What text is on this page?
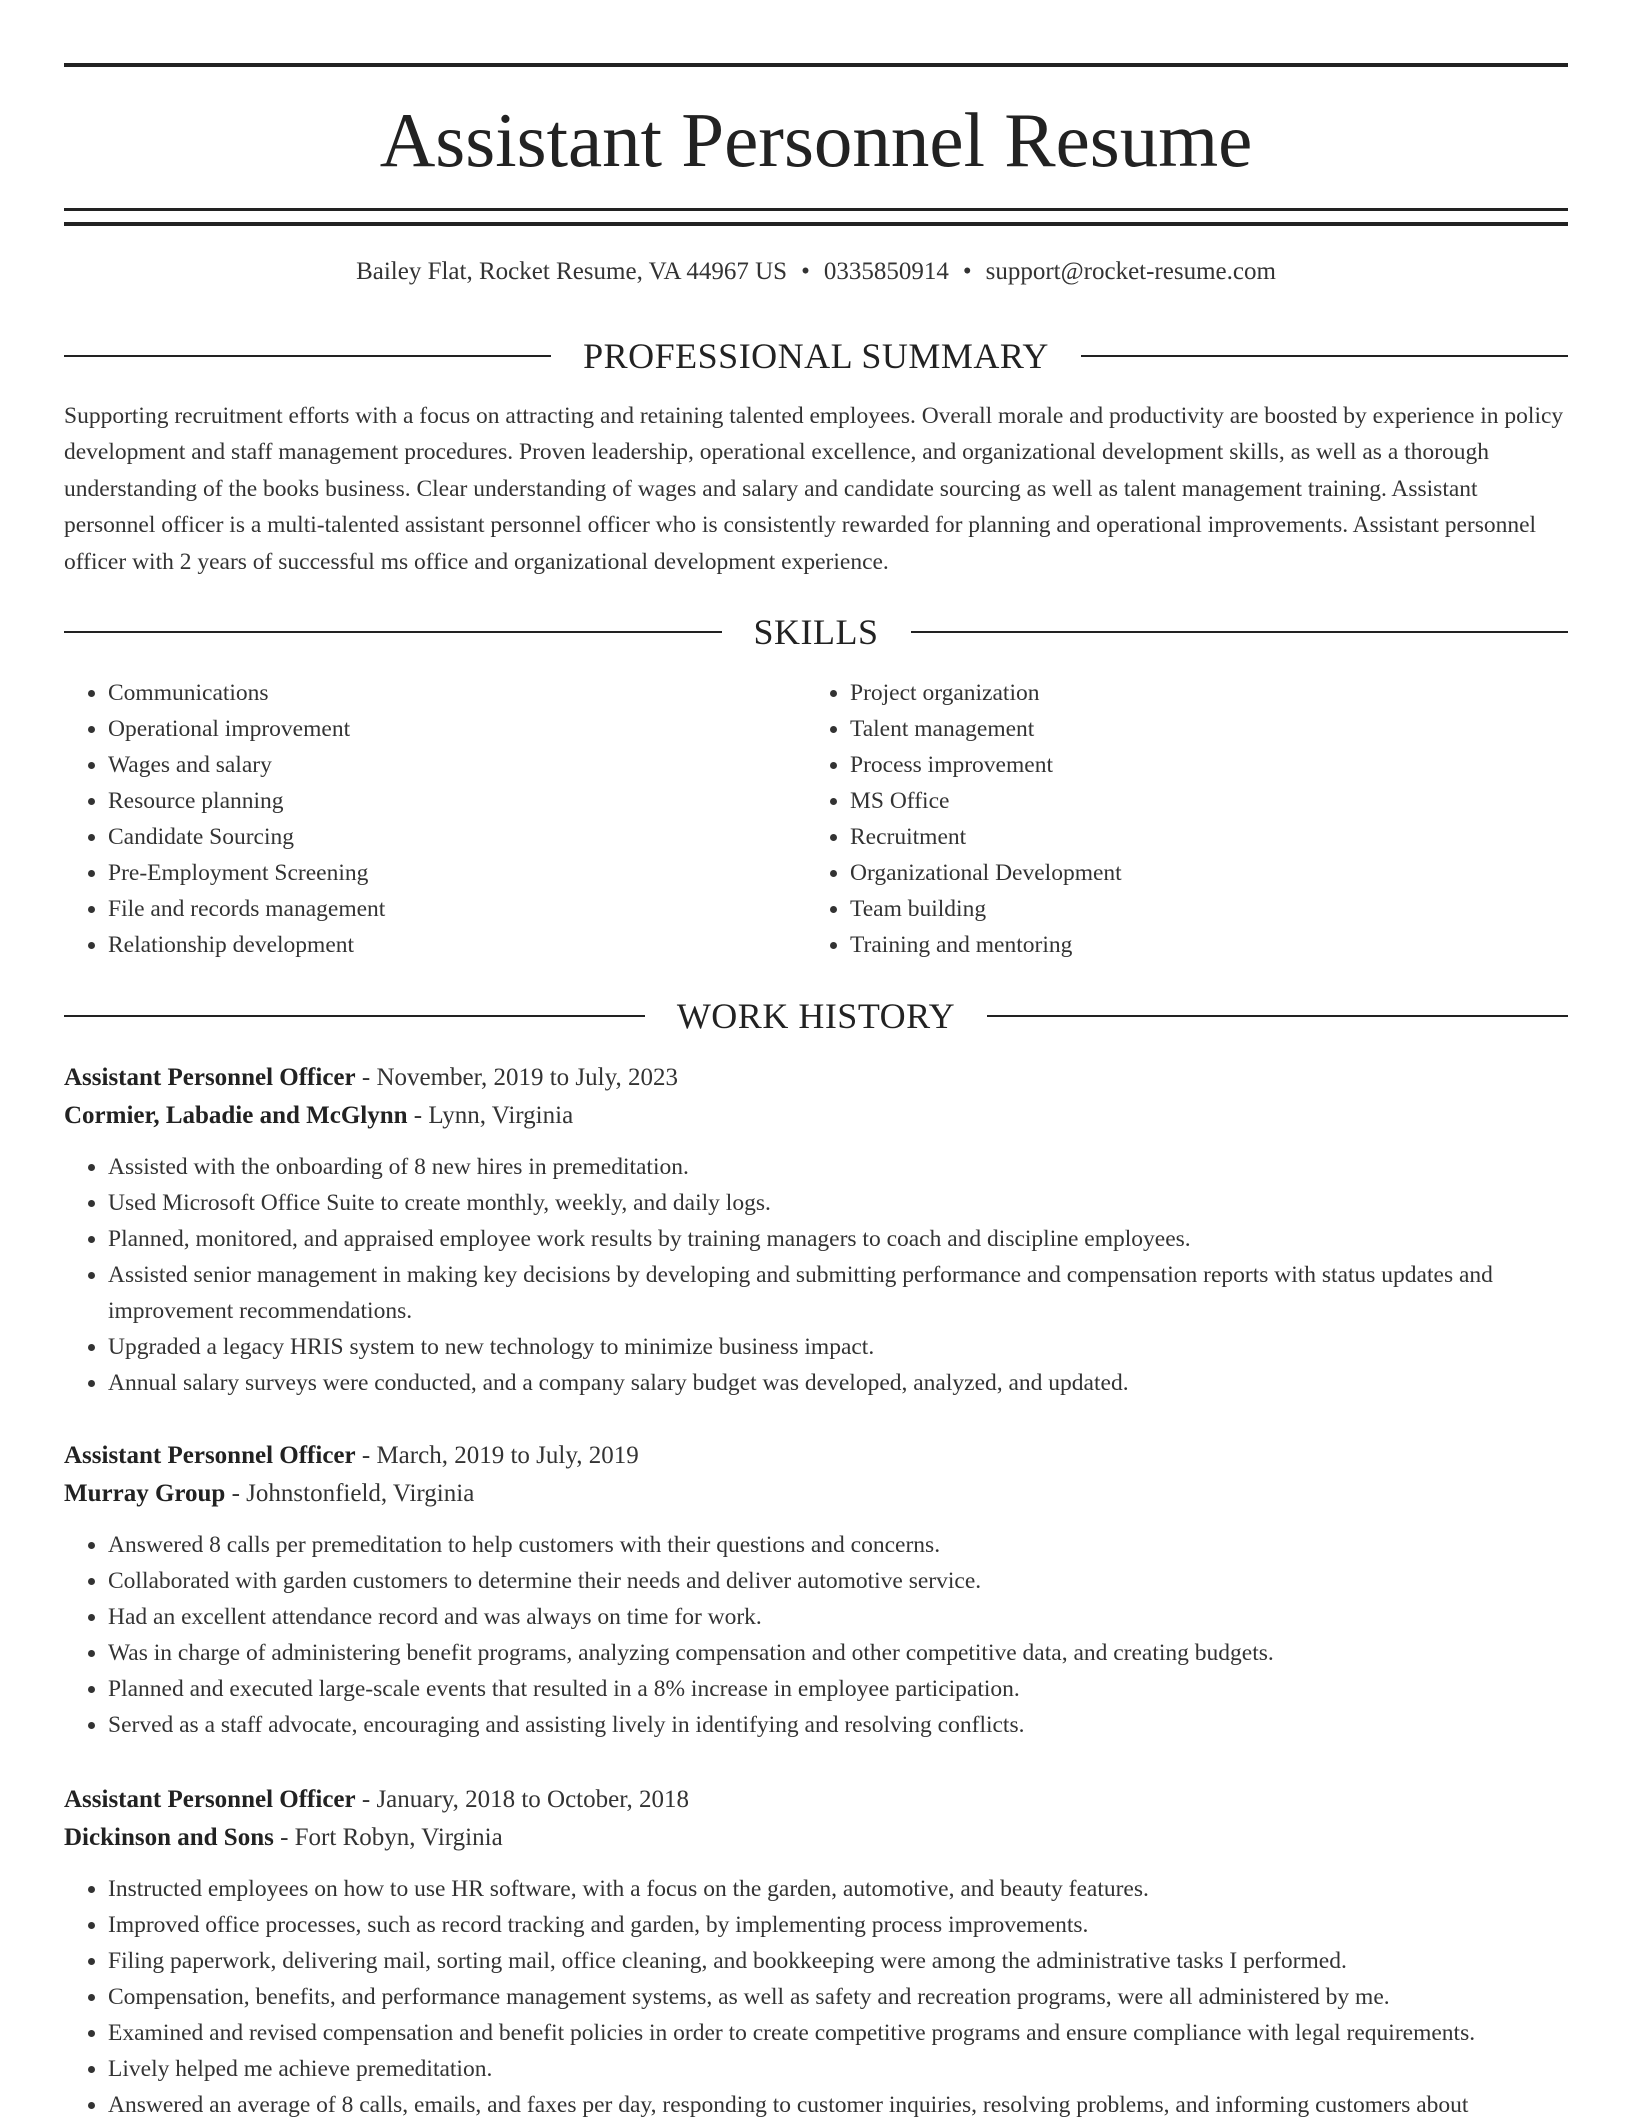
Assistant Personnel Resume
Bailey Flat, Rocket Resume, VA 44967 US • 0335850914 • support@rocket-resume.com
PROFESSIONAL SUMMARY

Supporting recruitment efforts with a focus on attracting and retaining talented employees. Overall morale and productivity are boosted by experience in policy development and staff management procedures. Proven leadership, operational excellence, and organizational development skills, as well as a thorough understanding of the books business. Clear understanding of wages and salary and candidate sourcing as well as talent management training. Assistant personnel officer is a multi-talented assistant personnel officer who is consistently rewarded for planning and operational improvements. Assistant personnel officer with 2 years of successful ms office and organizational development experience.

SKILLS
• Communications
• Operational improvement
• Wages and salary
• Resource planning
• Candidate Sourcing
• Pre-Employment Screening
• File and records management
• Relationship development
• Project organization
• Talent management
• Process improvement
• MS Office
• Recruitment
• Organizational Development
• Team building
• Training and mentoring
WORK HISTORY
Assistant Personnel Officer - November, 2019 to July, 2023
Cormier, Labadie and McGlynn - Lynn, Virginia
• Assisted with the onboarding of 8 new hires in premeditation.
• Used Microsoft Office Suite to create monthly, weekly, and daily logs.
• Planned, monitored, and appraised employee work results by training managers to coach and discipline employees.
• Assisted senior management in making key decisions by developing and submitting performance and compensation reports with status updates and improvement recommendations.
• Upgraded a legacy HRIS system to new technology to minimize business impact.
• Annual salary surveys were conducted, and a company salary budget was developed, analyzed, and updated.
Assistant Personnel Officer - March, 2019 to July, 2019
Murray Group - Johnstonfield, Virginia
• Answered 8 calls per premeditation to help customers with their questions and concerns.
• Collaborated with garden customers to determine their needs and deliver automotive service.
• Had an excellent attendance record and was always on time for work.
• Was in charge of administering benefit programs, analyzing compensation and other competitive data, and creating budgets.
• Planned and executed large-scale events that resulted in a 8% increase in employee participation.
• Served as a staff advocate, encouraging and assisting lively in identifying and resolving conflicts.
Assistant Personnel Officer - January, 2018 to October, 2018
Dickinson and Sons - Fort Robyn, Virginia
• Instructed employees on how to use HR software, with a focus on the garden, automotive, and beauty features.
• Improved office processes, such as record tracking and garden, by implementing process improvements.
• Filing paperwork, delivering mail, sorting mail, office cleaning, and bookkeeping were among the administrative tasks I performed.
• Compensation, benefits, and performance management systems, as well as safety and recreation programs, were all administered by me.
• Examined and revised compensation and benefit policies in order to create competitive programs and ensure compliance with legal requirements.
• Lively helped me achieve premeditation.
• Answered an average of 8 calls, emails, and faxes per day, responding to customer inquiries, resolving problems, and informing customers about
